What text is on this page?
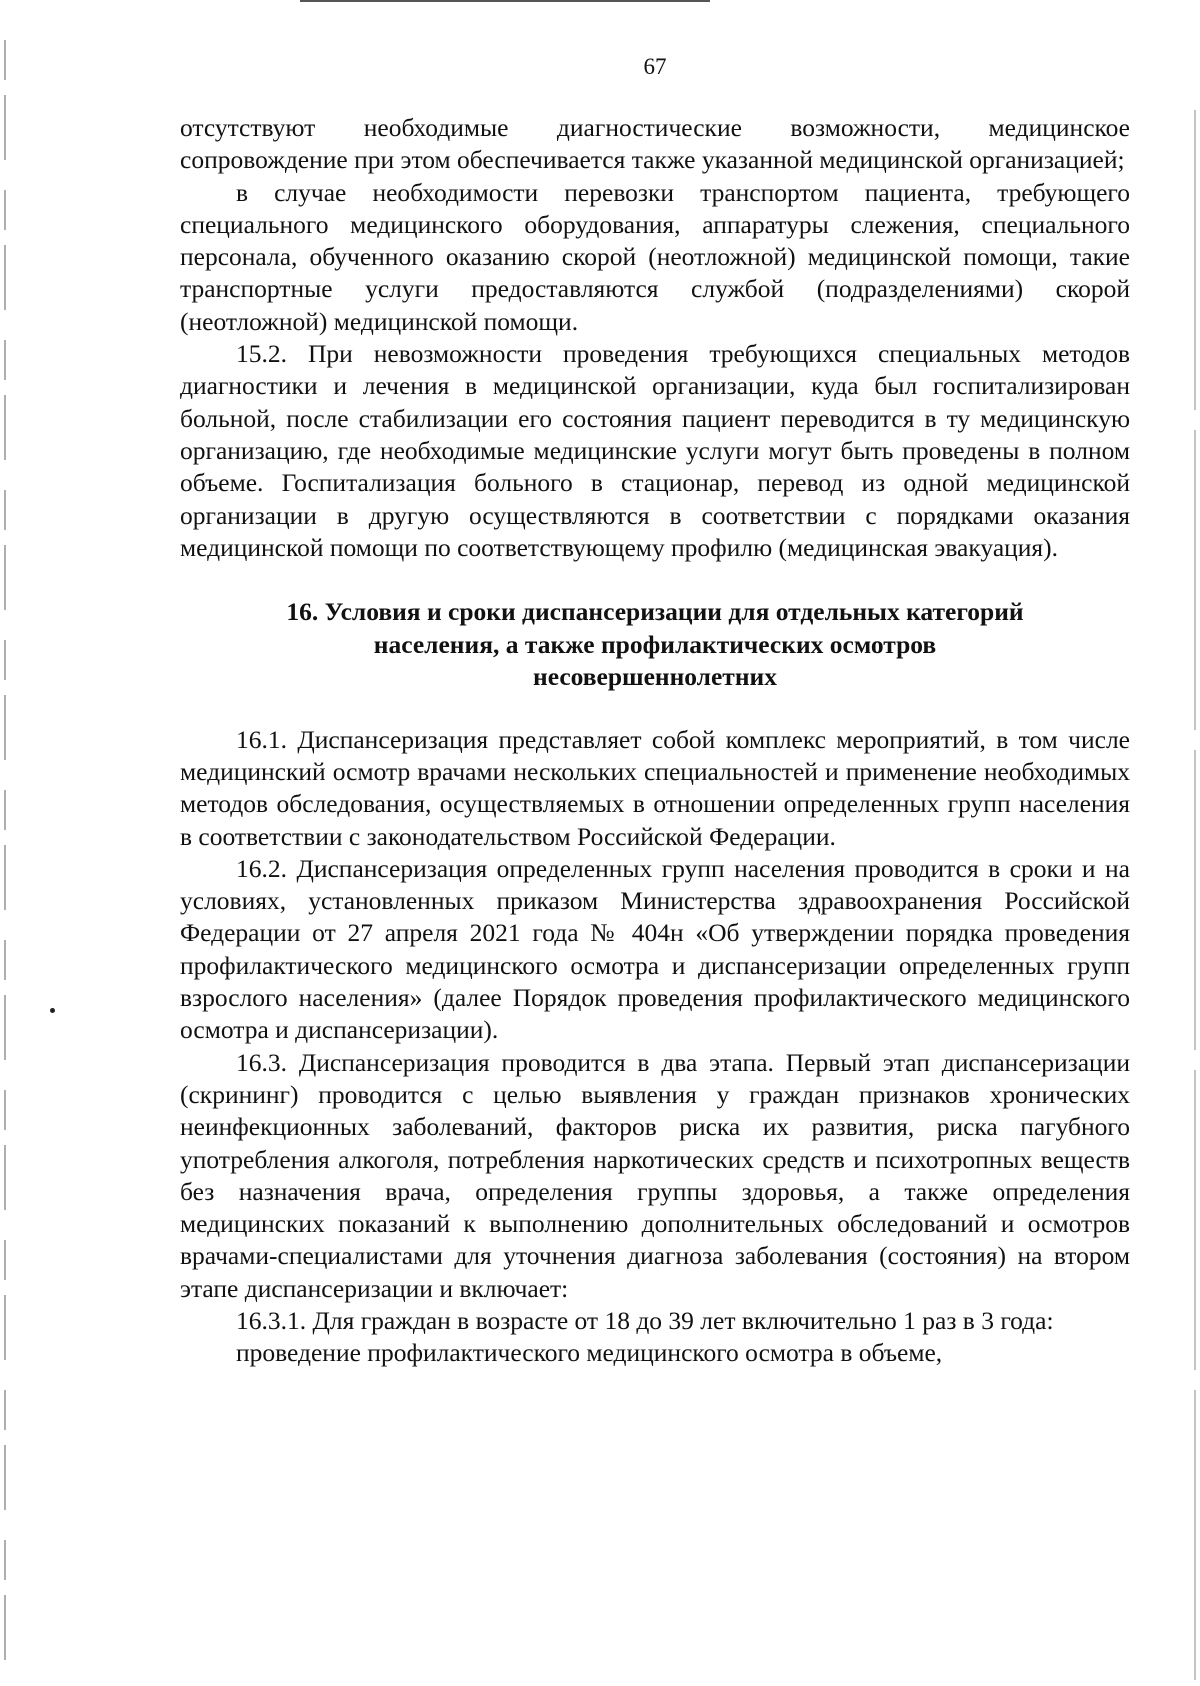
67

отсутствуют необходимые диагностические возможности, медицинское сопровождение при этом обеспечивается также указанной медицинской организацией;

в случае необходимости перевозки транспортом пациента, требующего специального медицинского оборудования, аппаратуры слежения, специального персонала, обученного оказанию скорой (неотложной) медицинской помощи, такие транспортные услуги предоставляются службой (подразделениями) скорой (неотложной) медицинской помощи.

15.2. При невозможности проведения требующихся специальных методов диагностики и лечения в медицинской организации, куда был госпитализирован больной, после стабилизации его состояния пациент переводится в ту медицинскую организацию, где необходимые медицинские услуги могут быть проведены в полном объеме. Госпитализация больного в стационар, перевод из одной медицинской организации в другую осуществляются в соответствии с порядками оказания медицинской помощи по соответствующему профилю (медицинская эвакуация).

16. Условия и сроки диспансеризации для отдельных категорий
населения, а также профилактических осмотров
несовершеннолетних

16.1. Диспансеризация представляет собой комплекс мероприятий, в том числе медицинский осмотр врачами нескольких специальностей и применение необходимых методов обследования, осуществляемых в отношении определенных групп населения в соответствии с законодательством Российской Федерации.

16.2. Диспансеризация определенных групп населения проводится в сроки и на условиях, установленных приказом Министерства здравоохранения Российской Федерации от 27 апреля 2021 года № 404н «Об утверждении порядка проведения профилактического медицинского осмотра и диспансеризации определенных групп взрослого населения» (далее Порядок проведения профилактического медицинского осмотра и диспансеризации).

16.3. Диспансеризация проводится в два этапа. Первый этап диспансеризации (скрининг) проводится с целью выявления у граждан признаков хронических неинфекционных заболеваний, факторов риска их развития, риска пагубного употребления алкоголя, потребления наркотических средств и психотропных веществ без назначения врача, определения группы здоровья, а также определения медицинских показаний к выполнению дополнительных обследований и осмотров врачами-специалистами для уточнения диагноза заболевания (состояния) на втором этапе диспансеризации и включает:

16.3.1. Для граждан в возрасте от 18 до 39 лет включительно 1 раз в 3 года:

проведение профилактического медицинского осмотра в объеме,
